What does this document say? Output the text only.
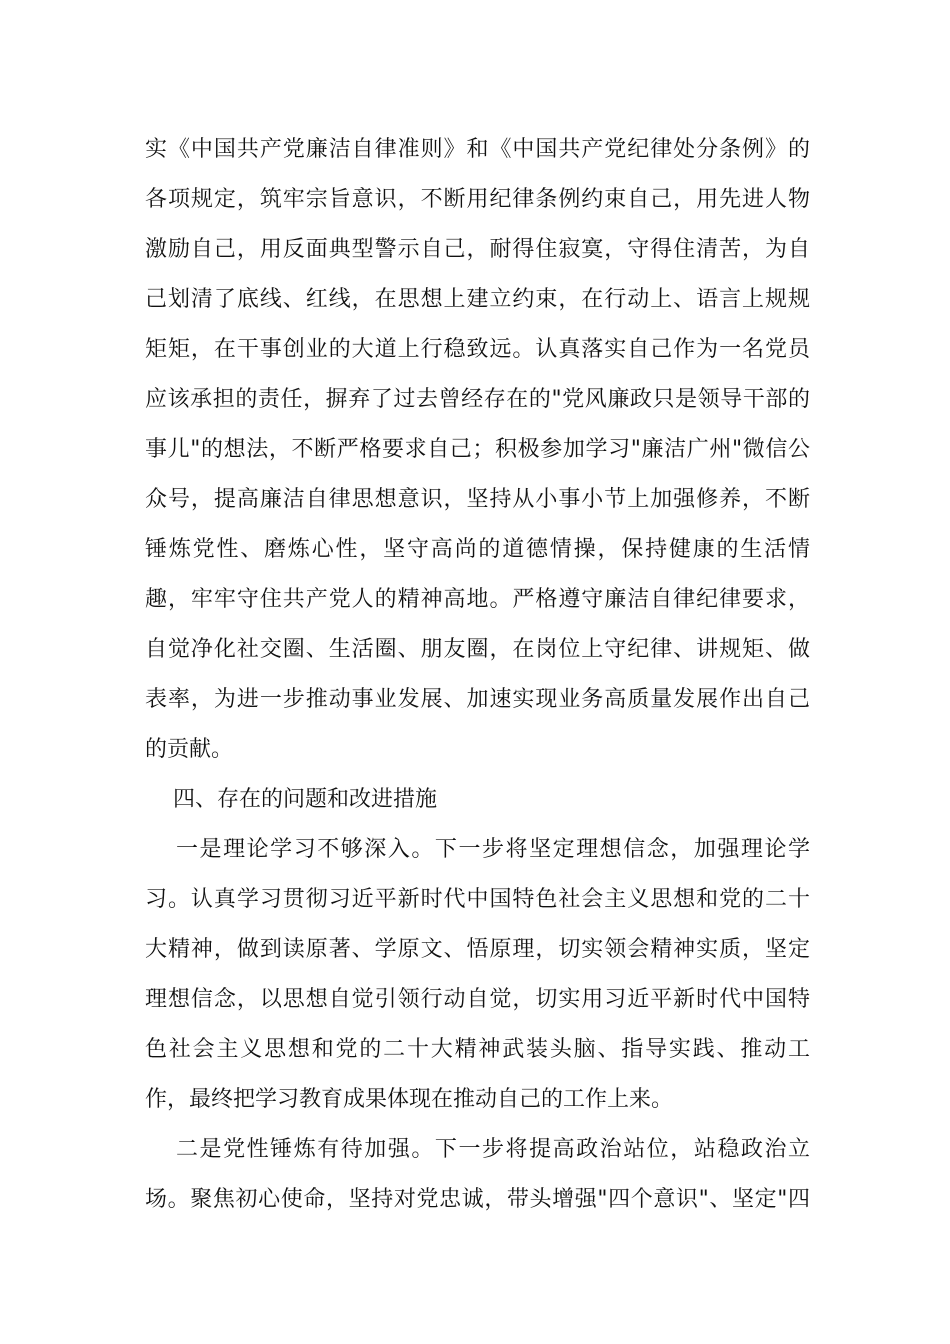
实《中国共产党廉洁自律准则》和《中国共产党纪律处分条例》的
各项规定，筑牢宗旨意识，不断用纪律条例约束自己，用先进人物
激励自己，用反面典型警示自己，耐得住寂寞，守得住清苦，为自
己划清了底线、红线，在思想上建立约束，在行动上、语言上规规
矩矩，在干事创业的大道上行稳致远。认真落实自己作为一名党员
应该承担的责任，摒弃了过去曾经存在的"党风廉政只是领导干部的
事儿"的想法，不断严格要求自己；积极参加学习"廉洁广州"微信公
众号，提高廉洁自律思想意识，坚持从小事小节上加强修养，不断
锤炼党性、磨炼心性，坚守高尚的道德情操，保持健康的生活情
趣，牢牢守住共产党人的精神高地。严格遵守廉洁自律纪律要求，
自觉净化社交圈、生活圈、朋友圈，在岗位上守纪律、讲规矩、做
表率，为进一步推动事业发展、加速实现业务高质量发展作出自己
的贡献。
四、存在的问题和改进措施
一是理论学习不够深入。下一步将坚定理想信念，加强理论学
习。认真学习贯彻习近平新时代中国特色社会主义思想和党的二十
大精神，做到读原著、学原文、悟原理，切实领会精神实质，坚定
理想信念，以思想自觉引领行动自觉，切实用习近平新时代中国特
色社会主义思想和党的二十大精神武装头脑、指导实践、推动工
作，最终把学习教育成果体现在推动自己的工作上来。
二是党性锤炼有待加强。下一步将提高政治站位，站稳政治立
场。聚焦初心使命，坚持对党忠诚，带头增强"四个意识"、坚定"四
